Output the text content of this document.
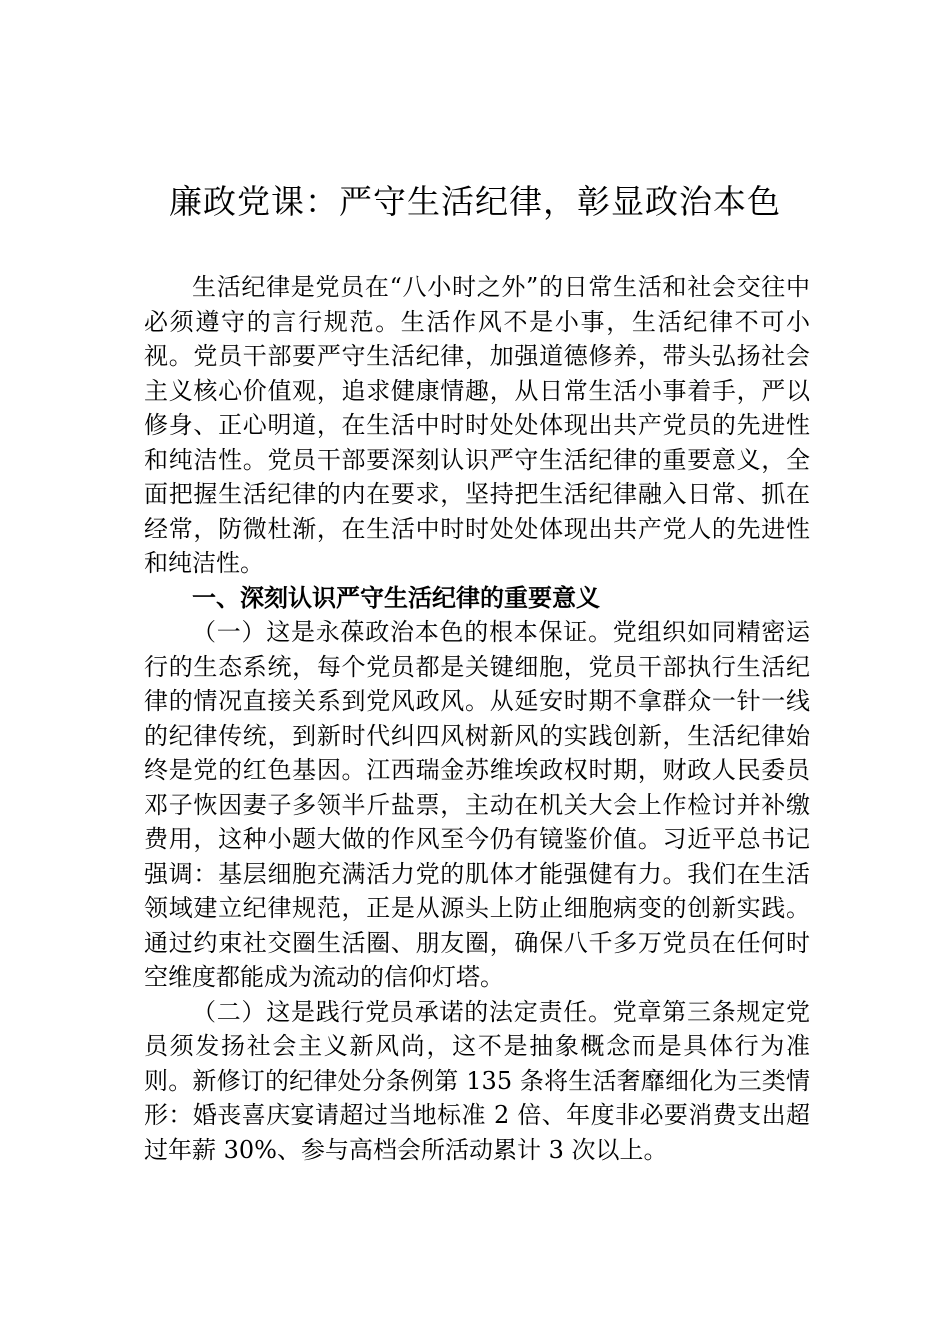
廉政党课：严守生活纪律，彰显政治本色

生活纪律是党员在“八小时之外”的日常生活和社会交往中必须遵守的言行规范。生活作风不是小事，生活纪律不可小视。党员干部要严守生活纪律，加强道德修养，带头弘扬社会主义核心价值观，追求健康情趣，从日常生活小事着手，严以修身、正心明道，在生活中时时处处体现出共产党员的先进性和纯洁性。党员干部要深刻认识严守生活纪律的重要意义，全面把握生活纪律的内在要求，坚持把生活纪律融入日常、抓在经常，防微杜渐，在生活中时时处处体现出共产党人的先进性和纯洁性。

一、深刻认识严守生活纪律的重要意义

（一）这是永葆政治本色的根本保证。党组织如同精密运行的生态系统，每个党员都是关键细胞，党员干部执行生活纪律的情况直接关系到党风政风。从延安时期不拿群众一针一线的纪律传统，到新时代纠四风树新风的实践创新，生活纪律始终是党的红色基因。江西瑞金苏维埃政权时期，财政人民委员邓子恢因妻子多领半斤盐票，主动在机关大会上作检讨并补缴费用，这种小题大做的作风至今仍有镜鉴价值。习近平总书记强调：基层细胞充满活力党的肌体才能强健有力。我们在生活领域建立纪律规范，正是从源头上防止细胞病变的创新实践。通过约束社交圈生活圈、朋友圈，确保八千多万党员在任何时空维度都能成为流动的信仰灯塔。

（二）这是践行党员承诺的法定责任。党章第三条规定党员须发扬社会主义新风尚，这不是抽象概念而是具体行为准则。新修订的纪律处分条例第 135 条将生活奢靡细化为三类情形：婚丧喜庆宴请超过当地标准 2 倍、年度非必要消费支出超过年薪 30%、参与高档会所活动累计 3 次以上。
